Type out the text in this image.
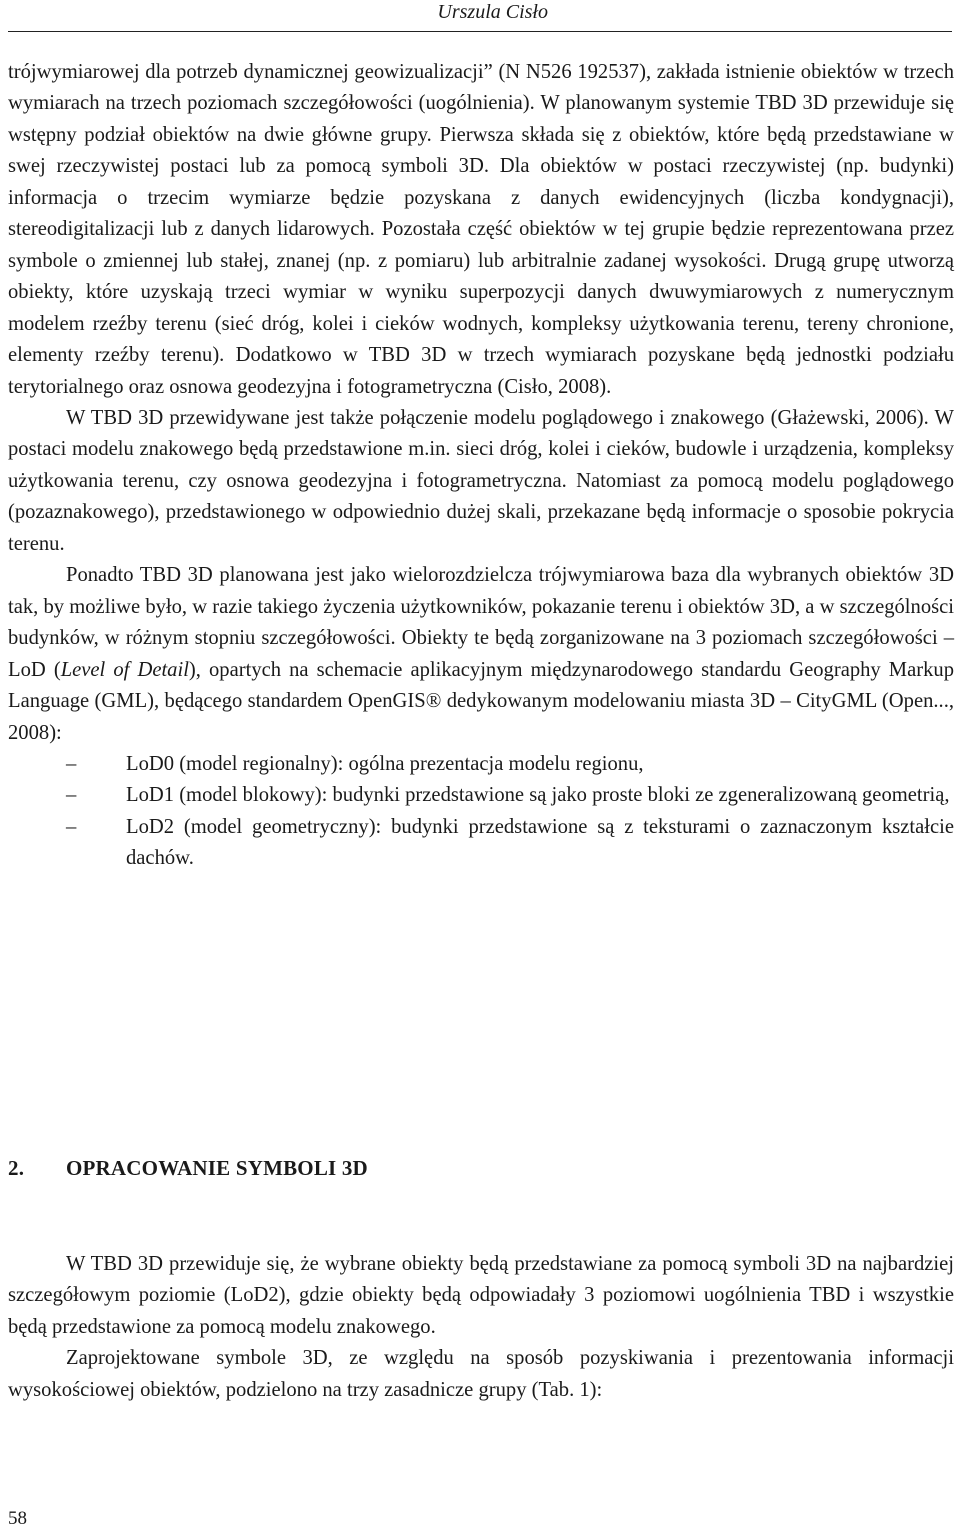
Urszula Cisło

trójwymiarowej dla potrzeb dynamicznej geowizualizacji” (N N526 192537), zakłada istnienie obiektów w trzech wymiarach na trzech poziomach szczegółowości (uogólnienia). W planowanym systemie TBD 3D przewiduje się wstępny podział obiektów na dwie główne grupy. Pierwsza składa się z obiektów, które będą przedstawiane w swej rzeczywistej postaci lub za pomocą symboli 3D. Dla obiektów w postaci rzeczywistej (np. budynki) informacja o trzecim wymiarze będzie pozyskana z danych ewidencyjnych (liczba kondygnacji), stereodigitalizacji lub z danych lidarowych. Pozostała część obiektów w tej grupie będzie reprezentowana przez symbole o zmiennej lub stałej, znanej (np. z pomiaru) lub arbitralnie zadanej wysokości. Drugą grupę utworzą obiekty, które uzyskają trzeci wymiar w wyniku superpozycji danych dwuwymiarowych z numerycznym modelem rzeźby terenu (sieć dróg, kolei i cieków wodnych, kompleksy użytkowania terenu, tereny chronione, elementy rzeźby terenu). Dodatkowo w TBD 3D w trzech wymiarach pozyskane będą jednostki podziału terytorialnego oraz osnowa geodezyjna i fotogrametryczna (Cisło, 2008).

W TBD 3D przewidywane jest także połączenie modelu poglądowego i znakowego (Głażewski, 2006). W postaci modelu znakowego będą przedstawione m.in. sieci dróg, kolei i cieków, budowle i urządzenia, kompleksy użytkowania terenu, czy osnowa geodezyjna i fotogrametryczna. Natomiast za pomocą modelu poglądowego (pozaznakowego), przedstawionego w odpowiednio dużej skali, przekazane będą informacje o sposobie pokrycia terenu.

Ponadto TBD 3D planowana jest jako wielorozdzielcza trójwymiarowa baza dla wybranych obiektów 3D tak, by możliwe było, w razie takiego życzenia użytkowników, pokazanie terenu i obiektów 3D, a w szczególności budynków, w różnym stopniu szczegółowości. Obiekty te będą zorganizowane na 3 poziomach szczegółowości – LoD (Level of Detail), opartych na schemacie aplikacyjnym międzynarodowego standardu Geography Markup Language (GML), będącego standardem OpenGIS® dedykowanym modelowaniu miasta 3D – CityGML (Open..., 2008):

– LoD0 (model regionalny): ogólna prezentacja modelu regionu,
– LoD1 (model blokowy): budynki przedstawione są jako proste bloki ze zgeneralizowaną geometrią,
– LoD2 (model geometryczny): budynki przedstawione są z teksturami o zaznaczonym kształcie dachów.
2. OPRACOWANIE SYMBOLI 3D

W TBD 3D przewiduje się, że wybrane obiekty będą przedstawiane za pomocą symboli 3D na najbardziej szczegółowym poziomie (LoD2), gdzie obiekty będą odpowiadały 3 poziomowi uogólnienia TBD i wszystkie będą przedstawione za pomocą modelu znakowego.

Zaprojektowane symbole 3D, ze względu na sposób pozyskiwania i prezentowania informacji wysokościowej obiektów, podzielono na trzy zasadnicze grupy (Tab. 1):

58
